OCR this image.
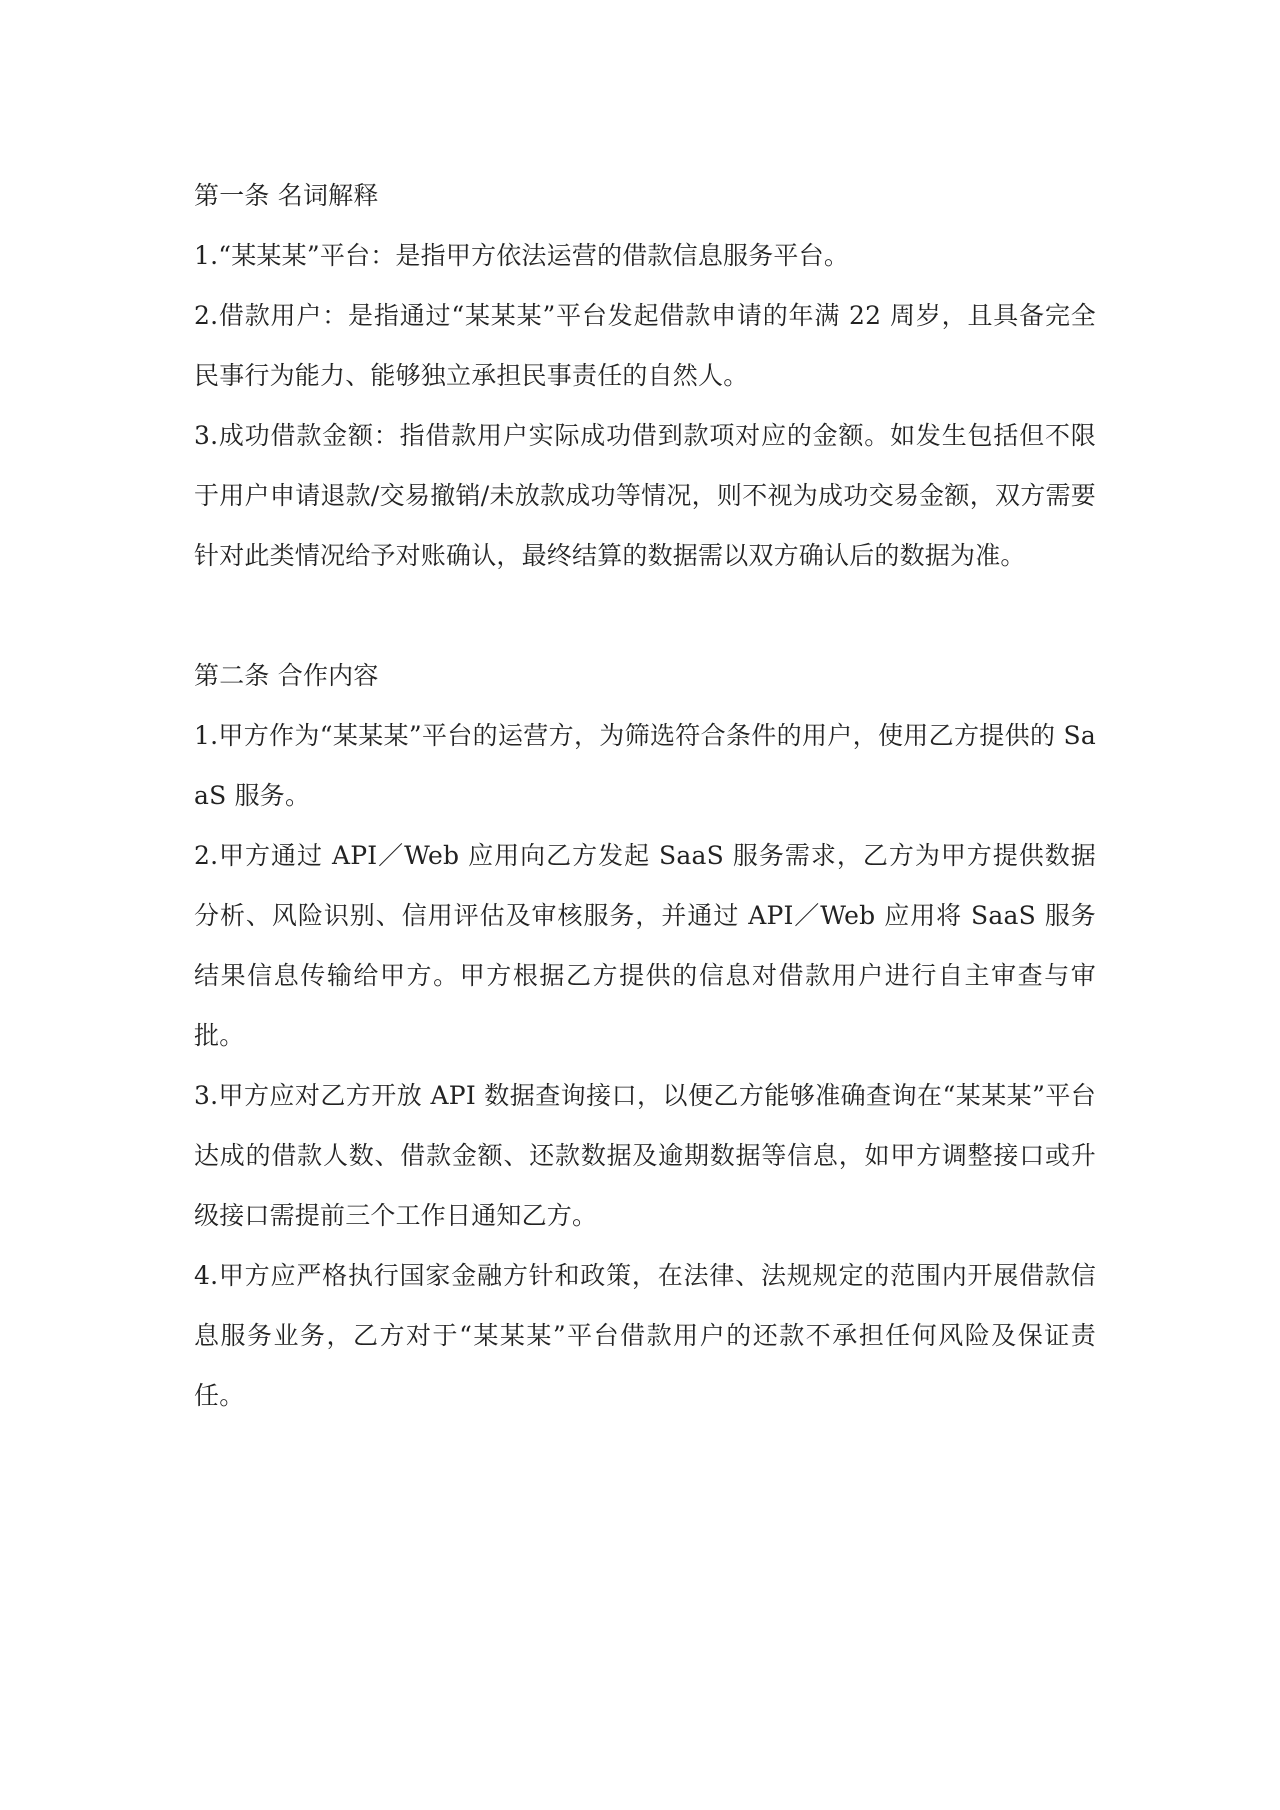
第一条 名词解释

1.“某某某”平台：是指甲方依法运营的借款信息服务平台。

2.借款用户：是指通过“某某某”平台发起借款申请的年满 22 周岁，且具备完全民事行为能力、能够独立承担民事责任的自然人。

3.成功借款金额：指借款用户实际成功借到款项对应的金额。如发生包括但不限于用户申请退款/交易撤销/未放款成功等情况，则不视为成功交易金额，双方需要针对此类情况给予对账确认，最终结算的数据需以双方确认后的数据为准。

第二条 合作内容

1.甲方作为“某某某”平台的运营方，为筛选符合条件的用户，使用乙方提供的 SaaS 服务。

2.甲方通过 API／Web 应用向乙方发起 SaaS 服务需求，乙方为甲方提供数据分析、风险识别、信用评估及审核服务，并通过 API／Web 应用将 SaaS 服务结果信息传输给甲方。甲方根据乙方提供的信息对借款用户进行自主审查与审批。

3.甲方应对乙方开放 API 数据查询接口，以便乙方能够准确查询在“某某某”平台达成的借款人数、借款金额、还款数据及逾期数据等信息，如甲方调整接口或升级接口需提前三个工作日通知乙方。

4.甲方应严格执行国家金融方针和政策，在法律、法规规定的范围内开展借款信息服务业务，乙方对于“某某某”平台借款用户的还款不承担任何风险及保证责任。
